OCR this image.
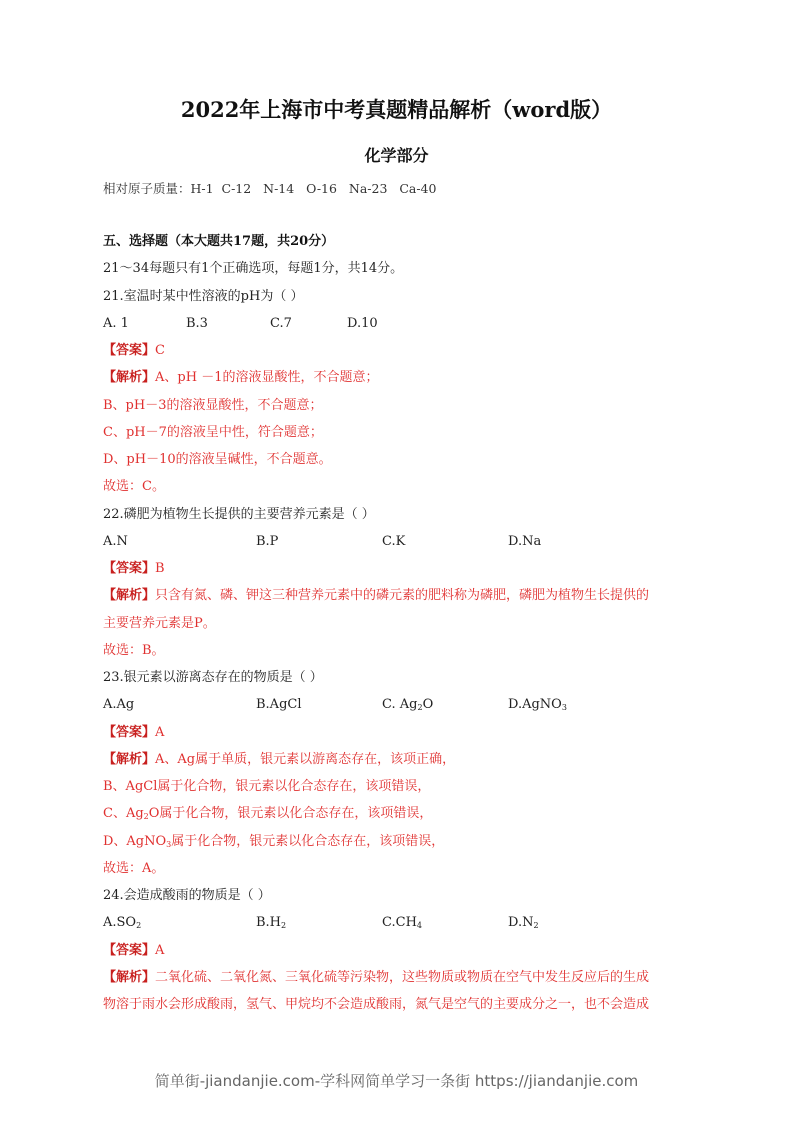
2022年上海市中考真题精品解析（word版）
化学部分
相对原子质量：H-1  C-12   N-14   O-16   Na-23   Ca-40
五、选择题（本大题共17题，共20分）
21～34每题只有1个正确选项，每题1分，共14分。
21.室温时某中性溶液的pH为（ ）
A. 1	B.3	C.7	D.10
【答案】C
【解析】A、pH －1的溶液显酸性，不合题意；
B、pH－3的溶液显酸性，不合题意；
C、pH－7的溶液呈中性，符合题意；
D、pH－10的溶液呈碱性，不合题意。
故选：C。
22.磷肥为植物生长提供的主要营养元素是（ ）
A.N	B.P	C.K	D.Na
【答案】B
【解析】只含有氮、磷、钾这三种营养元素中的磷元素的肥料称为磷肥，磷肥为植物生长提供的
主要营养元素是P。
故选：B。
23.银元素以游离态存在的物质是（ ）
A.Ag	B.AgCl	C. $Ag_2O$	D.AgNO$_3$
【答案】A
【解析】A、Ag属于单质，银元素以游离态存在，该项正确，
B、AgCl属于化合物，银元素以化合态存在，该项错误，
C、$Ag_2O$属于化合物，银元素以化合态存在，该项错误，
D、AgNO$_3$属于化合物，银元素以化合态存在，该项错误，
故选：A。
24.会造成酸雨的物质是（ ）
$A.SO_2$	$B.H_2$	$C.CH_4$	$D.N_2$
【答案】A
【解析】二氧化硫、二氧化氮、三氧化硫等污染物，这些物质或物质在空气中发生反应后的生成
物溶于雨水会形成酸雨，氢气、甲烷均不会造成酸雨，氮气是空气的主要成分之一，也不会造成
简单街-jiandanjie.com-学科网简单学习一条街 https://jiandanjie.com
